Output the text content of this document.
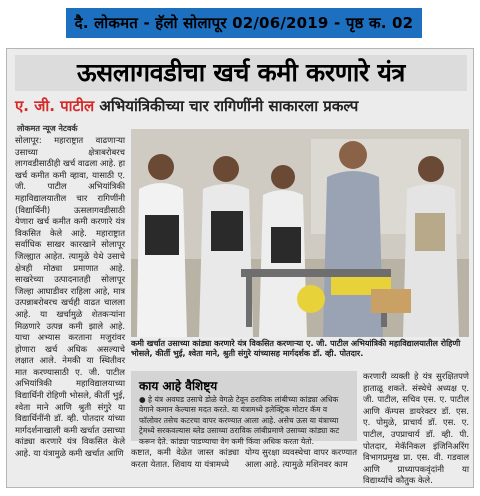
दै. लोकमत - हॅलो सोलापूर 02/06/2019 - पृष्ठ क. 02
ऊसलागवडीचा खर्च कमी करणारे यंत्र
ए. जी. पाटील अभियांत्रिकीच्या चार रागिणींनी साकारला प्रकल्प
लोकमत न्यूज नेटवर्क
सोलापूर: महाराष्ट्रात वाढणाऱ्या उसाच्या क्षेत्राबरोबरच लागवडीसाठीही खर्च वाढला आहे. हा खर्च कमीत कमी व्हावा, यासाठी ए. जी. पाटील अभियांत्रिकी महाविद्यालयातील चार रागिणींनी (विद्यार्थिनी) ऊसलागवडीसाठी येणारा खर्च कमीत कमी करणारे यंत्र विकसित केले आहे. महाराष्ट्रात सर्वाधिक साखर कारखाने सोलापूर जिल्ह्यात आहेत. त्यामुळे येथे उसाचे क्षेत्रही मोठ्या प्रमाणात आहे. साखरेच्या उत्पादनातही सोलापूर जिल्हा आघाडीवर राहिला आहे, मात्र उत्पन्नाबरोबरच खर्चही वाढत चालला आहे. या खर्चामुळे शेतकऱ्यांना मिळणारे उत्पन्न कमी झाले आहे. याचा अभ्यास करताना मजुरांवर होणारा खर्च अधिक असल्याचे लक्षात आले. नेमकी या स्थितीवर मात करण्यासाठी ए. जी. पाटील अभियांत्रिकी महाविद्यालयाच्या विद्यार्थिनी रोहिणी भोसले, कीर्ती भुई, श्वेता माने आणि श्रुती संगुरे या विद्यार्थिनींनी डॉ. व्ही. पोतदार यांच्या मार्गदर्शनाखाली कमी खर्चात उसाच्या कांड्या करणारे यंत्र विकसित केले आहे. या यंत्रामुळे कमी खर्चात आणि
कमी खर्चात उसाच्या कांड्या करणारे यंत्र विकसित करणाऱ्या ए. जी. पाटील अभियांत्रिकी महाविद्यालयातील रोहिणी भोसले, कीर्ती भुई, श्वेता माने, श्रुती संगुरे यांच्यासह मार्गदर्शक डॉ. व्ही. पोतदार.
काय आहे वैशिष्ट्य
● हे यंत्र अवघड उसाचे डोळे वेगळे टेवून ठराविक लांबीच्या कांड्या अधिक वेगाने कमान केल्यास मदत करते. या यंत्रामध्ये इलेक्ट्रिक मोटार कॅम व फॉलोवर तसेच कटरचा वापर करण्यात आला आहे. असेच ऊस या यंत्राच्या ट्रेमध्ये सरकवल्यास ब्लेड उसाच्या ठराविक लांबीप्रमाणे उसाच्या कांड्या कट करून देते. कांड्या पाडण्याचा वेग कमी किंवा अधिक करता येतो.
कष्टात, कमी वेळेत जास्त कांड्या करता येतात. शिवाय या यंत्रामध्ये
योग्य सुरक्षा व्यवस्थेचा वापर करण्यात आला आहे. त्यामुळे मशिनवर काम
करणारी व्यक्ती हे यंत्र सुरक्षितपणे हाताळू शकते. संस्थेचे अध्यक्ष ए. जी. पाटील, सचिव एस. ए. पाटील आणि कॅम्पस डायरेक्टर डॉ. एस. ए. पोमुळे, प्राचार्य डॉ. एस. ए. पाटील, उपप्राचार्य डॉ. व्ही. पी. पोतदार, मेकॅनिकल इंजिनिअरिंग विभागप्रमुख प्रा. एस. वी. गडवाल आणि प्राध्यापकवृंदांनी या विद्यार्थ्यांचे कौतुक केले.
